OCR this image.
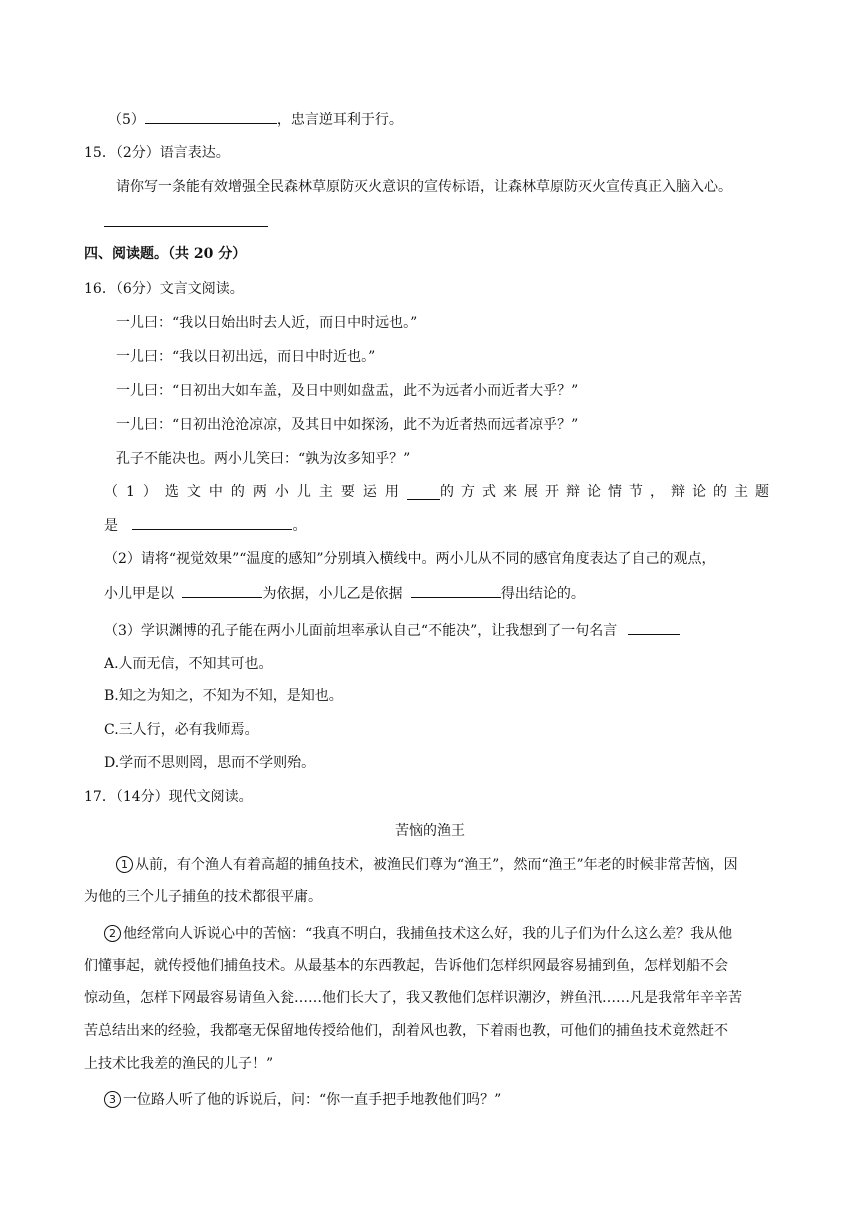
（5）	，忠言逆耳利于行。
15．（2分）语言表达。
请你写一条能有效增强全民森林草原防灭火意识的宣传标语，让森林草原防灭火宣传真正入脑入心。
四、阅读题。（共 20 分）
16．（6分）文言文阅读。
一儿曰：“我以日始出时去人近，而日中时远也。”
一儿曰：“我以日初出远，而日中时近也。”
一儿曰：“日初出大如车盖，及日中则如盘盂，此不为远者小而近者大乎？”
一儿曰：“日初出沧沧凉凉，及其日中如探汤，此不为近者热而远者凉乎？”
孔子不能决也。两小儿笑曰：“孰为汝多知乎？”
（1）选文中的两小儿主要运用 的方式来展开辩论情节，辩论的主题
是	。
（2）请将“视觉效果”“温度的感知”分别填入横线中。两小儿从不同的感官角度表达了自己的观点，
小儿甲是以	为依据，小儿乙是依据	得出结论的。
（3）学识渊博的孔子能在两小儿面前坦率承认自己“不能决”，让我想到了一句名言
A.人而无信，不知其可也。
B.知之为知之，不知为不知，是知也。
C.三人行，必有我师焉。
D.学而不思则罔，思而不学则殆。
17．（14分）现代文阅读。
苦恼的渔王
1 从前，有个渔人有着高超的捕鱼技术，被渔民们尊为“渔王”，然而“渔王”年老的时候非常苦恼，因
为他的三个儿子捕鱼的技术都很平庸。
2 他经常向人诉说心中的苦恼：“我真不明白，我捕鱼技术这么好，我的儿子们为什么这么差？我从他
们懂事起，就传授他们捕鱼技术。从最基本的东西教起，告诉他们怎样织网最容易捕到鱼，怎样划船不会
惊动鱼，怎样下网最容易请鱼入瓮……他们长大了，我又教他们怎样识潮汐，辨鱼汛……凡是我常年辛辛苦
苦总结出来的经验，我都毫无保留地传授给他们，刮着风也教，下着雨也教，可他们的捕鱼技术竟然赶不
上技术比我差的渔民的儿子！”
3 一位路人听了他的诉说后，问：“你一直手把手地教他们吗？”
